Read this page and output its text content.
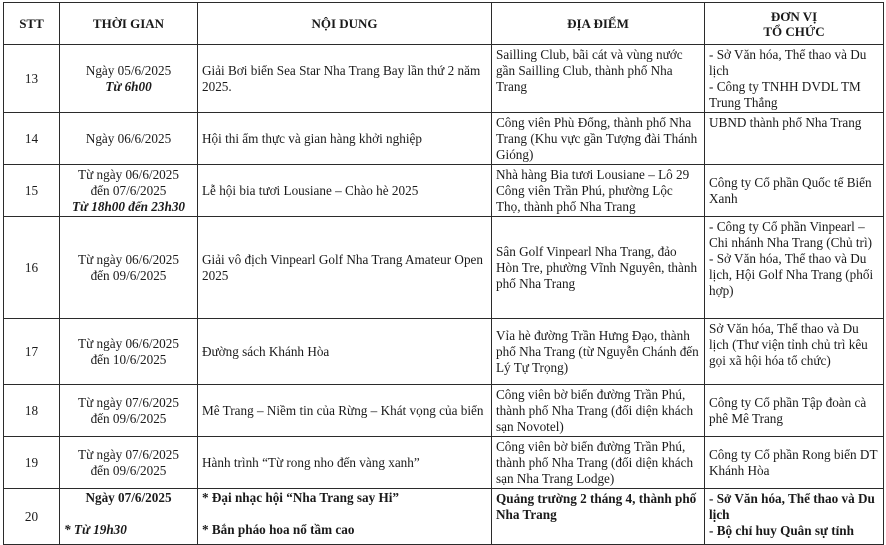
STT	THỜI GIAN	NỘI DUNG	ĐỊA ĐIỂM	ĐƠN VỊ
TỔ CHỨC

13	Ngày 05/6/2025
Từ 6h00	Giải Bơi biển Sea Star Nha Trang Bay lần thứ 2 năm 2025.	Sailling Club, bãi cát và vùng nước gần Sailling Club, thành phố Nha Trang	- Sở Văn hóa, Thể thao và Du lịch
- Công ty TNHH DVDL TM Trung Thắng

14	Ngày 06/6/2025	Hội thi ẩm thực và gian hàng khởi nghiệp	Công viên Phù Đổng, thành phố Nha Trang (Khu vực gần Tượng đài Thánh Gióng)	UBND thành phố Nha Trang

15	Từ ngày 06/6/2025
đến 07/6/2025
Từ 18h00 đến 23h30	Lễ hội bia tươi Lousiane – Chào hè 2025	Nhà hàng Bia tươi Lousiane – Lô 29 Công viên Trần Phú, phường Lộc Thọ, thành phố Nha Trang	Công ty Cổ phần Quốc tế Biển Xanh

16	Từ ngày 06/6/2025
đến 09/6/2025	Giải vô địch Vinpearl Golf Nha Trang Amateur Open 2025	Sân Golf Vinpearl Nha Trang, đảo Hòn Tre, phường Vĩnh Nguyên, thành phố Nha Trang	- Công ty Cổ phần Vinpearl – Chi nhánh Nha Trang (Chủ trì)
- Sở Văn hóa, Thể thao và Du lịch, Hội Golf Nha Trang (phối hợp)

17	Từ ngày 06/6/2025
đến 10/6/2025	Đường sách Khánh Hòa	Vỉa hè đường Trần Hưng Đạo, thành phố Nha Trang (từ Nguyễn Chánh đến Lý Tự Trọng)	Sở Văn hóa, Thể thao và Du lịch (Thư viện tỉnh chủ trì kêu gọi xã hội hóa tổ chức)

18	Từ ngày 07/6/2025
đến 09/6/2025	Mê Trang – Niềm tin của Rừng – Khát vọng của biển	Công viên bờ biển đường Trần Phú, thành phố Nha Trang (đối diện khách sạn Novotel)	Công ty Cổ phần Tập đoàn cà phê Mê Trang

19	Từ ngày 07/6/2025
đến 09/6/2025	Hành trình “Từ rong nho đến vàng xanh”	Công viên bờ biển đường Trần Phú, thành phố Nha Trang (đối diện khách sạn Nha Trang Lodge)	Công ty Cổ phần Rong biển DT Khánh Hòa

20	Ngày 07/6/2025
* Từ 19h30	* Đại nhạc hội “Nha Trang say Hi”
* Bắn pháo hoa nổ tầm cao	Quảng trường 2 tháng 4, thành phố Nha Trang	- Sở Văn hóa, Thể thao và Du lịch
- Bộ chỉ huy Quân sự tỉnh
